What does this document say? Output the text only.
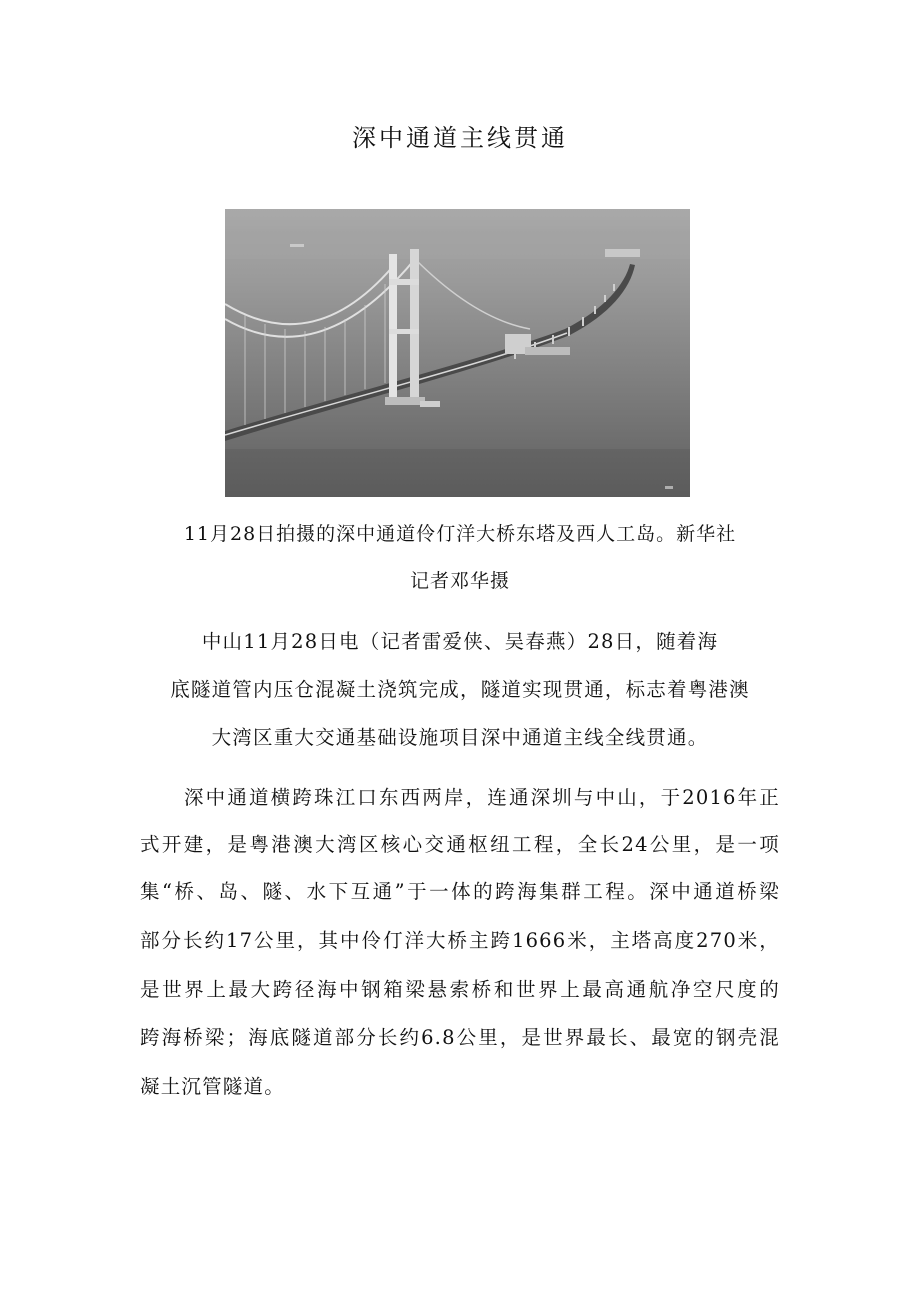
深中通道主线贯通

11月28日拍摄的深中通道伶仃洋大桥东塔及西人工岛。新华社

记者邓华摄

中山11月28日电（记者雷爱侠、吴春燕）28日，随着海

底隧道管内压仓混凝土浇筑完成，隧道实现贯通，标志着粤港澳

大湾区重大交通基础设施项目深中通道主线全线贯通。

深中通道横跨珠江口东西两岸，连通深圳与中山，于2016年正

式开建，是粤港澳大湾区核心交通枢纽工程，全长24公里，是一项

集“桥、岛、隧、水下互通”于一体的跨海集群工程。深中通道桥梁

部分长约17公里，其中伶仃洋大桥主跨1666米，主塔高度270米，

是世界上最大跨径海中钢箱梁悬索桥和世界上最高通航净空尺度的

跨海桥梁；海底隧道部分长约6.8公里，是世界最长、最宽的钢壳混

凝土沉管隧道。
